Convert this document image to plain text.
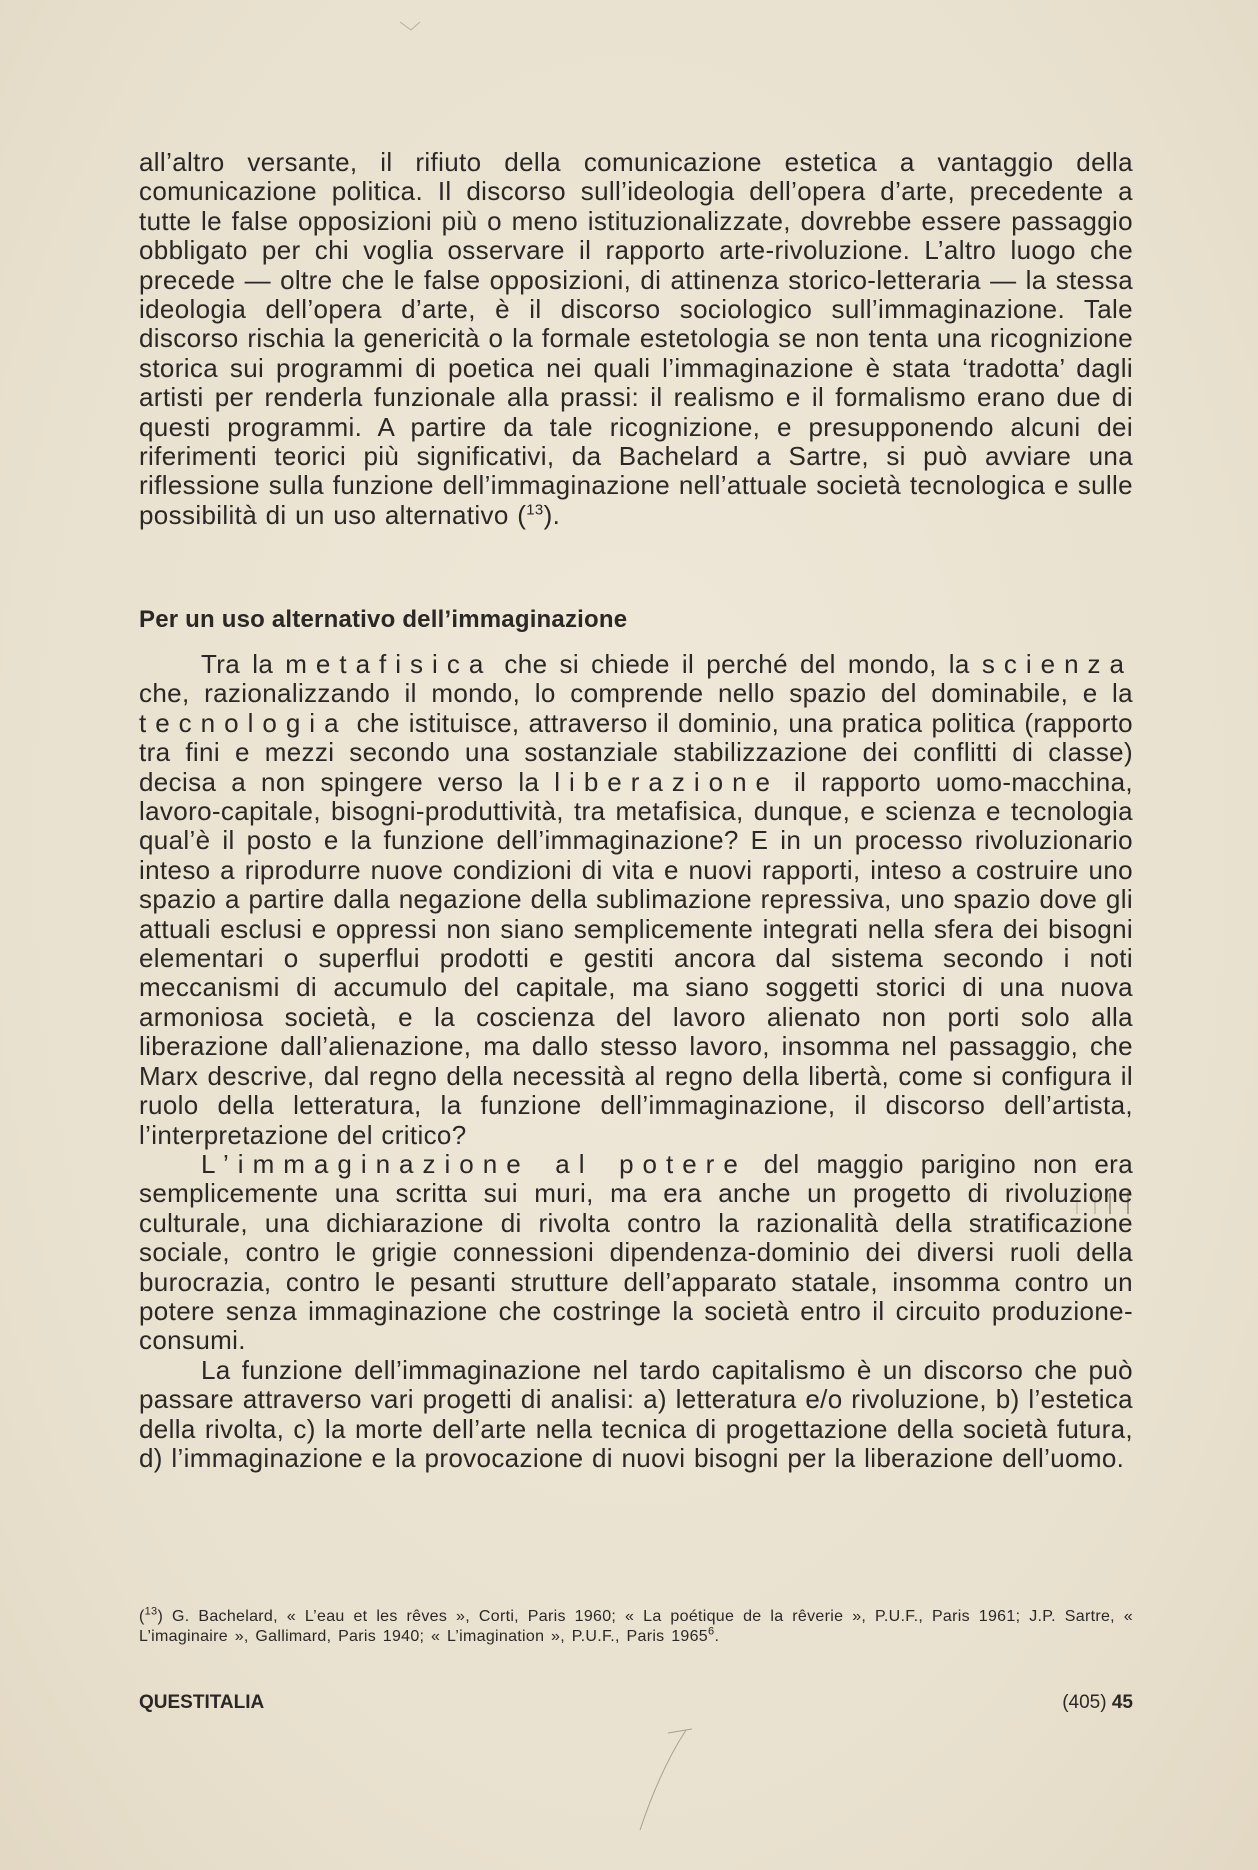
all’altro versante, il rifiuto della comunicazione estetica a vantaggio della comunicazione politica. Il discorso sull’ideologia dell’opera d’arte, precedente a tutte le false opposizioni più o meno istituzionalizzate, dovrebbe essere passaggio obbligato per chi voglia osservare il rapporto arte-rivoluzione. L’altro luogo che precede — oltre che le false opposizioni, di attinenza storico-letteraria — la stessa ideologia dell’opera d’arte, è il discorso sociologico sull’immaginazione. Tale discorso rischia la genericità o la formale estetologia se non tenta una ricognizione storica sui programmi di poetica nei quali l’immaginazione è stata ‘tradotta’ dagli artisti per renderla funzionale alla prassi: il realismo e il formalismo erano due di questi programmi. A partire da tale ricognizione, e presupponendo alcuni dei riferimenti teorici più significativi, da Bachelard a Sartre, si può avviare una riflessione sulla funzione dell’immaginazione nell’attuale società tecnologica e sulle possibilità di un uso alternativo ($^{13}$).

Per un uso alternativo dell’immaginazione

Tra la metafisica che si chiede il perché del mondo, la scienza che, razionalizzando il mondo, lo comprende nello spazio del dominabile, e la tecnologia che istituisce, attraverso il dominio, una pratica politica (rapporto tra fini e mezzi secondo una sostanziale stabilizzazione dei conflitti di classe) decisa a non spingere verso la liberazione il rapporto uomo-macchina, lavoro-capitale, bisogni-produttività, tra metafisica, dunque, e scienza e tecnologia qual’è il posto e la funzione dell’immaginazione? E in un processo rivoluzionario inteso a riprodurre nuove condizioni di vita e nuovi rapporti, inteso a costruire uno spazio a partire dalla negazione della sublimazione repressiva, uno spazio dove gli attuali esclusi e oppressi non siano semplicemente integrati nella sfera dei bisogni elementari o superflui prodotti e gestiti ancora dal sistema secondo i noti meccanismi di accumulo del capitale, ma siano soggetti storici di una nuova armoniosa società, e la coscienza del lavoro alienato non porti solo alla liberazione dall’alienazione, ma dallo stesso lavoro, insomma nel passaggio, che Marx descrive, dal regno della necessità al regno della libertà, come si configura il ruolo della letteratura, la funzione dell’immaginazione, il discorso dell’artista, l’interpretazione del critico?

L’immaginazione al potere del maggio parigino non era semplicemente una scritta sui muri, ma era anche un progetto di rivoluzione culturale, una dichiarazione di rivolta contro la razionalità della stratificazione sociale, contro le grigie connessioni dipendenza-dominio dei diversi ruoli della burocrazia, contro le pesanti strutture dell’apparato statale, insomma contro un potere senza immaginazione che costringe la società entro il circuito produzione-consumi.

La funzione dell’immaginazione nel tardo capitalismo è un discorso che può passare attraverso vari progetti di analisi: a) letteratura e/o rivoluzione, b) l’estetica della rivolta, c) la morte dell’arte nella tecnica di progettazione della società futura, d) l’immaginazione e la provocazione di nuovi bisogni per la liberazione dell’uomo.

($^{13}$) G. Bachelard, « L’eau et les rêves », Corti, Paris 1960; « La poétique de la rêverie », P.U.F., Paris 1961; J.P. Sartre, « L’imaginaire », Gallimard, Paris 1940; « L’imagination », P.U.F., Paris 1965$^6$.

QUESTITALIA	(405) 45
